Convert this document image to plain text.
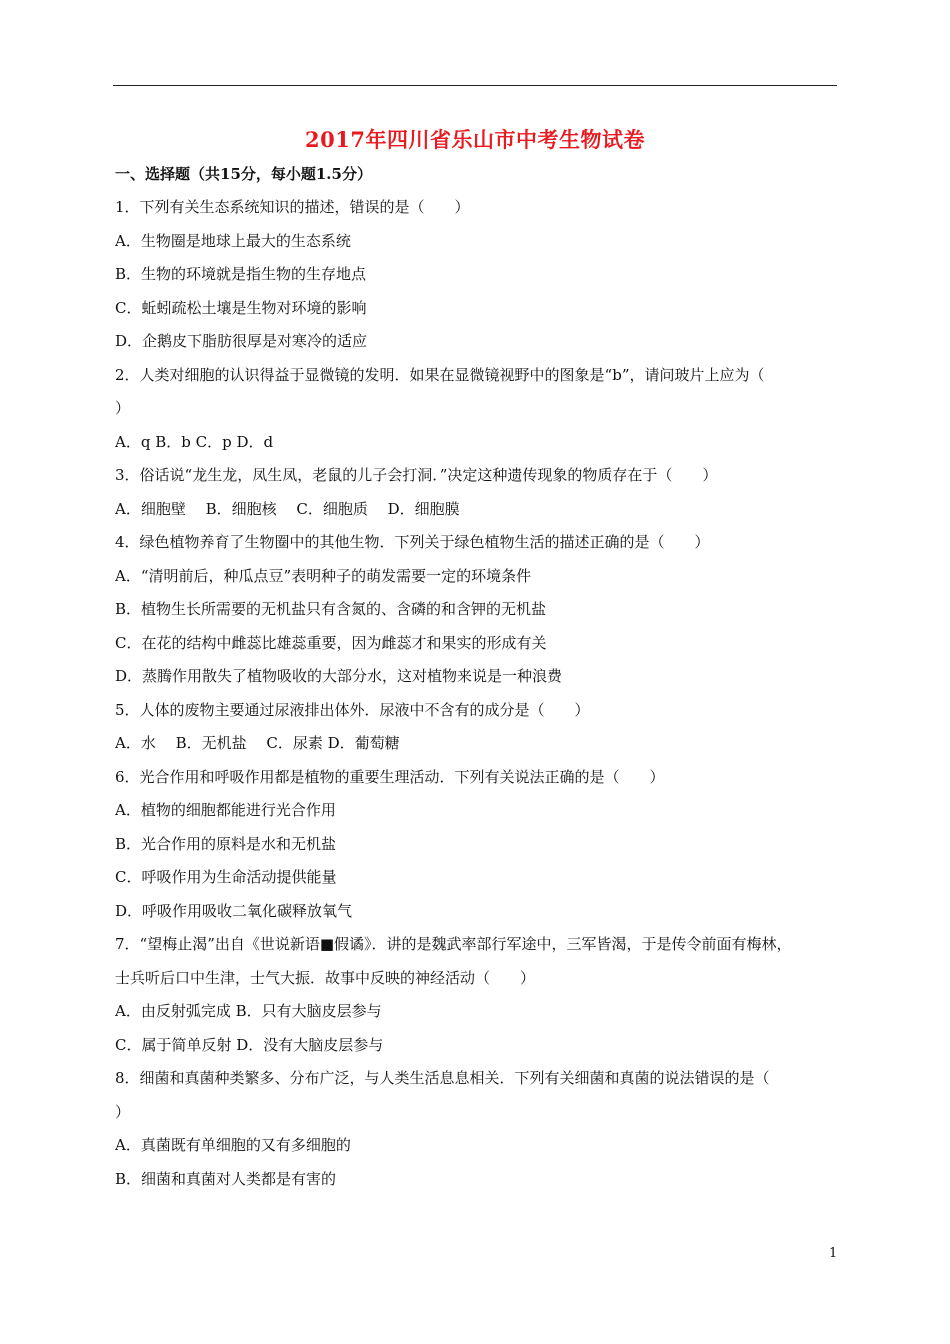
2017年四川省乐山市中考生物试卷
一、选择题（共15分，每小题1.5分）
1．下列有关生态系统知识的描述，错误的是（　　）
A．生物圈是地球上最大的生态系统
B．生物的环境就是指生物的生存地点
C．蚯蚓疏松土壤是生物对环境的影响
D．企鹅皮下脂肪很厚是对寒冷的适应
2．人类对细胞的认识得益于显微镜的发明．如果在显微镜视野中的图象是“b”，请问玻片上应为（
）
A．q B．b C．p D．d
3．俗话说“龙生龙，凤生凤，老鼠的儿子会打洞．”决定这种遗传现象的物质存在于（　　）
A．细胞壁　 B．细胞核　 C．细胞质　 D．细胞膜
4．绿色植物养育了生物圈中的其他生物．下列关于绿色植物生活的描述正确的是（　　）
A．“清明前后，种瓜点豆”表明种子的萌发需要一定的环境条件
B．植物生长所需要的无机盐只有含氮的、含磷的和含钾的无机盐
C．在花的结构中雌蕊比雄蕊重要，因为雌蕊才和果实的形成有关
D．蒸腾作用散失了植物吸收的大部分水，这对植物来说是一种浪费
5．人体的废物主要通过尿液排出体外．尿液中不含有的成分是（　　）
A．水　 B．无机盐　 C．尿素 D．葡萄糖
6．光合作用和呼吸作用都是植物的重要生理活动．下列有关说法正确的是（　　）
A．植物的细胞都能进行光合作用
B．光合作用的原料是水和无机盐
C．呼吸作用为生命活动提供能量
D．呼吸作用吸收二氧化碳释放氧气
7．“望梅止渴”出自《世说新语■假谲》．讲的是魏武率部行军途中，三军皆渴，于是传令前面有梅林，
士兵听后口中生津，士气大振．故事中反映的神经活动（　　）
A．由反射弧完成 B．只有大脑皮层参与
C．属于简单反射 D．没有大脑皮层参与
8．细菌和真菌种类繁多、分布广泛，与人类生活息息相关．下列有关细菌和真菌的说法错误的是（
）
A．真菌既有单细胞的又有多细胞的
B．细菌和真菌对人类都是有害的
1
